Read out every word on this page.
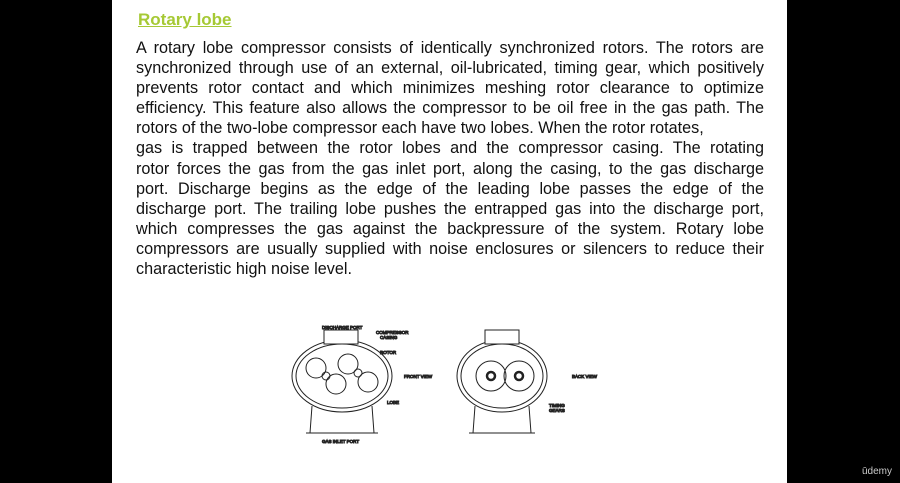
Rotary lobe
A rotary lobe compressor consists of identically synchronized rotors. The rotors are
synchronized through use of an external, oil-lubricated, timing gear, which positively
prevents rotor contact and which minimizes meshing rotor clearance to optimize
efficiency. This feature also allows the compressor to be oil free in the gas path. The
rotors of the two-lobe compressor each have two lobes. When the rotor rotates,
gas is trapped between the rotor lobes and the compressor casing. The rotating
rotor forces the gas from the gas inlet port, along the casing, to the gas discharge
port. Discharge begins as the edge of the leading lobe passes the edge of the
discharge port. The trailing lobe pushes the entrapped gas into the discharge port,
which compresses the gas against the backpressure of the system. Rotary lobe
compressors are usually supplied with noise enclosures or silencers to reduce their
characteristic high noise level.
DISCHARGE PORT
COMPRESSOR
CASING
ROTOR
FRONT VIEW
LOBE
GAS INLET PORT
BACK VIEW
TIMING
GEARS
ūdemy
